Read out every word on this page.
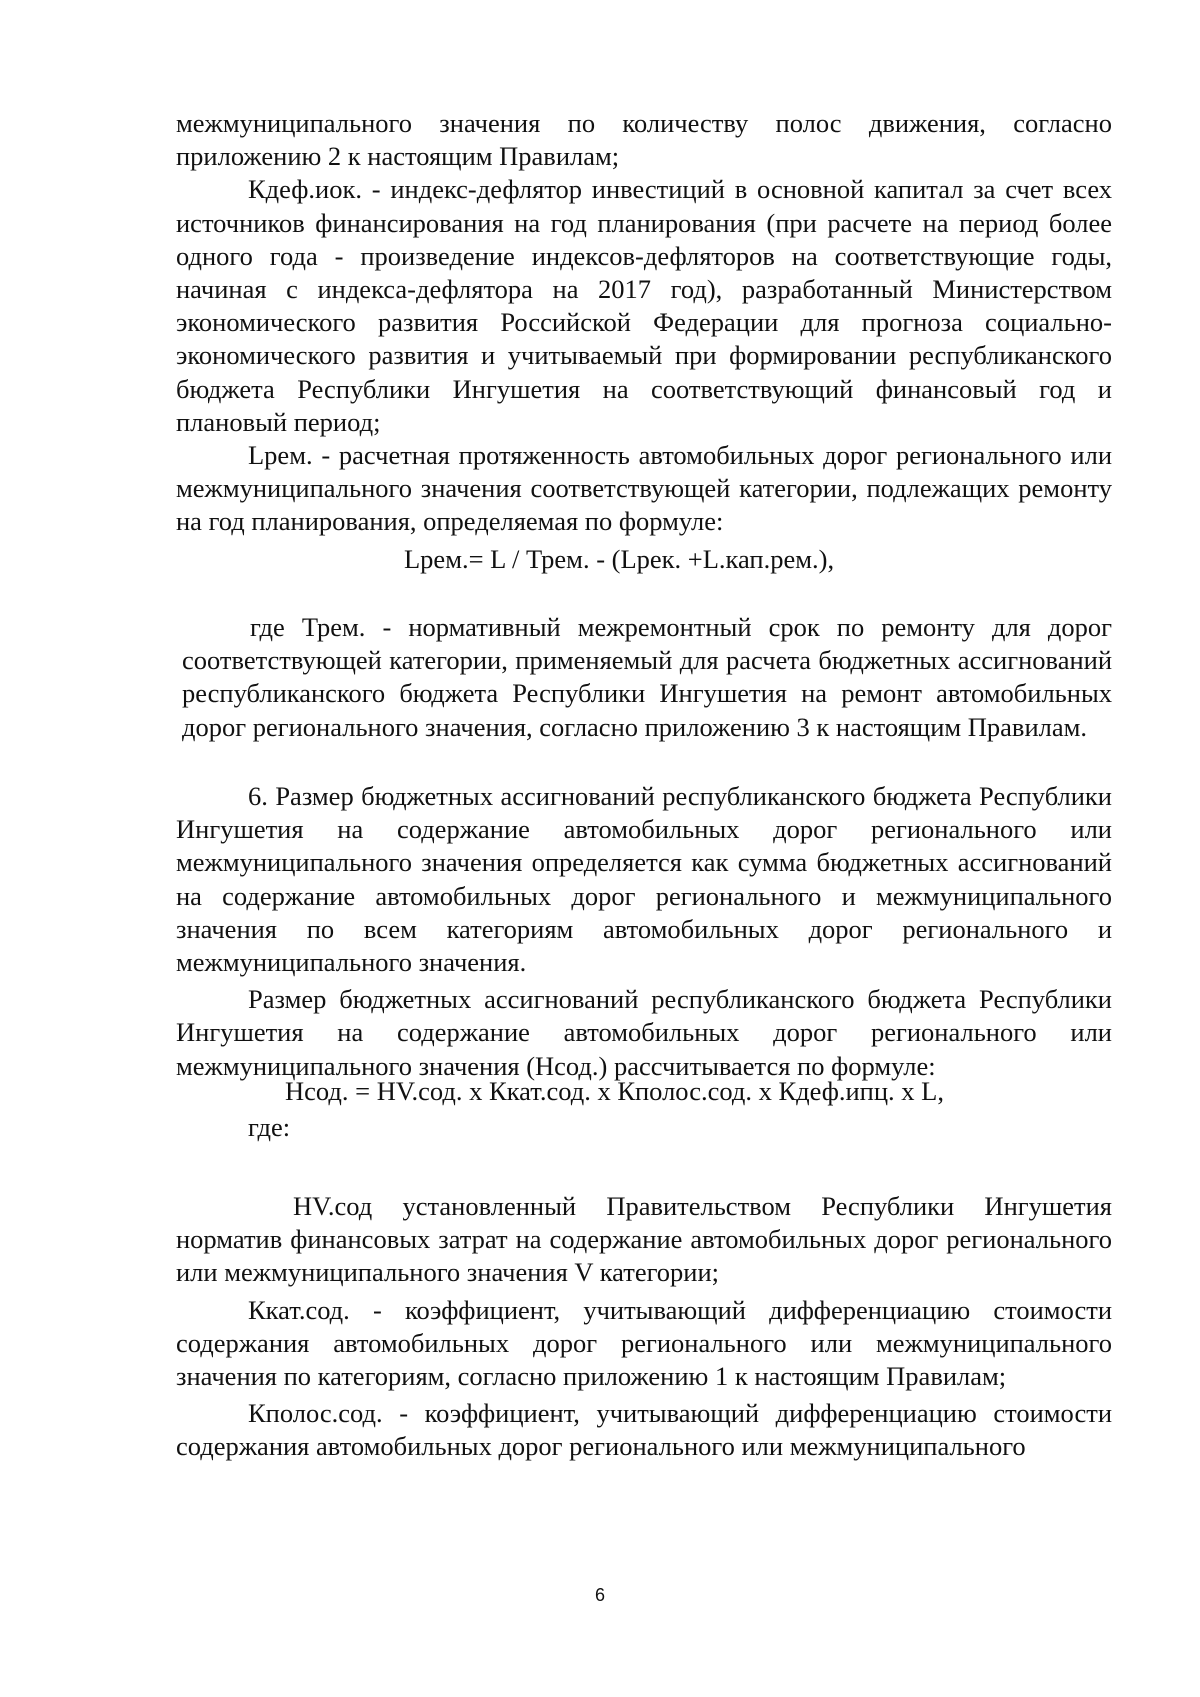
межмуниципального значения по количеству полос движения, согласно приложению 2 к настоящим Правилам;

Кдеф.иок. - индекс-дефлятор инвестиций в основной капитал за счет всех источников финансирования на год планирования (при расчете на период более одного года - произведение индексов-дефляторов на соответствующие годы, начиная с индекса-дефлятора на 2017 год), разработанный Министерством экономического развития Российской Федерации для прогноза социально-экономического развития и учитываемый при формировании республиканского бюджета Республики Ингушетия на соответствующий финансовый год и плановый период;

Lрем. - расчетная протяженность автомобильных дорог регионального или межмуниципального значения соответствующей категории, подлежащих ремонту на год планирования, определяемая по формуле:

Lрем.= L / Трем. - (Lрек. +L.кап.рем.),

где Трем. - нормативный межремонтный срок по ремонту для дорог соответствующей категории, применяемый для расчета бюджетных ассигнований республиканского бюджета Республики Ингушетия на ремонт автомобильных дорог регионального значения, согласно приложению 3 к настоящим Правилам.

6. Размер бюджетных ассигнований республиканского бюджета Республики Ингушетия на содержание автомобильных дорог регионального или межмуниципального значения определяется как сумма бюджетных ассигнований на содержание автомобильных дорог регионального и межмуниципального значения по всем категориям автомобильных дорог регионального и межмуниципального значения.

Размер бюджетных ассигнований республиканского бюджета Республики Ингушетия на содержание автомобильных дорог регионального или межмуниципального значения (Нсод.) рассчитывается по формуле:

Нсод. = НV.сод. х Ккат.сод. х Кполос.сод. х Кдеф.ипц. х L,
где:

НV.сод установленный Правительством Республики Ингушетия норматив финансовых затрат на содержание автомобильных дорог регионального или межмуниципального значения V категории;

Ккат.сод. - коэффициент, учитывающий дифференциацию стоимости содержания автомобильных дорог регионального или межмуниципального значения по категориям, согласно приложению 1 к настоящим Правилам;

Кполос.сод. - коэффициент, учитывающий дифференциацию стоимости содержания автомобильных дорог регионального или межмуниципального

6
